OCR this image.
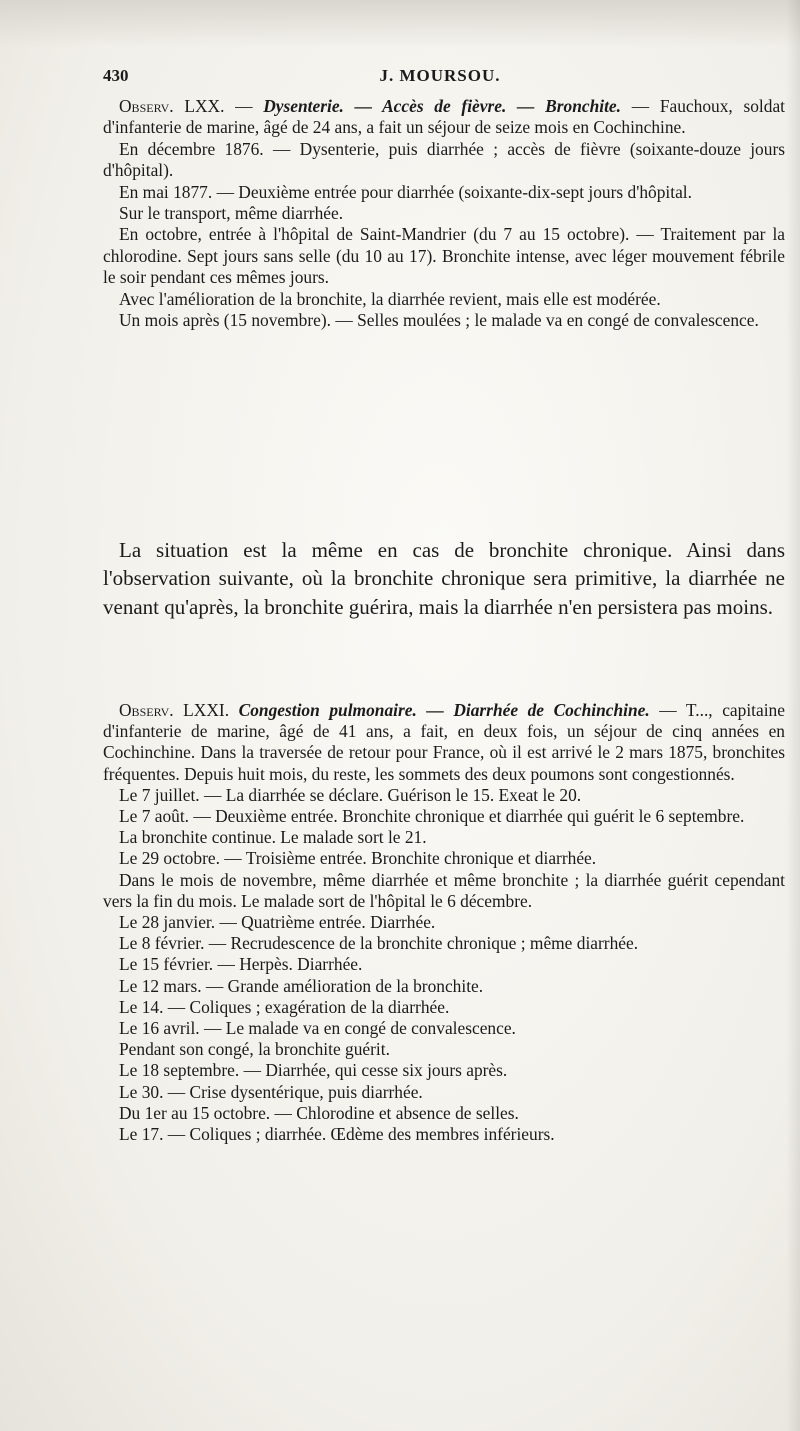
430	J. MOURSOU.

Observ. LXX. — Dysenterie. — Accès de fièvre. — Bronchite. — Fauchoux, soldat d'infanterie de marine, âgé de 24 ans, a fait un séjour de seize mois en Cochinchine.

En décembre 1876. — Dysenterie, puis diarrhée ; accès de fièvre (soixante-douze jours d'hôpital).

En mai 1877. — Deuxième entrée pour diarrhée (soixante-dix-sept jours d'hôpital.

Sur le transport, même diarrhée.

En octobre, entrée à l'hôpital de Saint-Mandrier (du 7 au 15 octobre). — Traitement par la chlorodine. Sept jours sans selle (du 10 au 17). Bronchite intense, avec léger mouvement fébrile le soir pendant ces mêmes jours.

Avec l'amélioration de la bronchite, la diarrhée revient, mais elle est modérée.

Un mois après (15 novembre). — Selles moulées ; le malade va en congé de convalescence.

La situation est la même en cas de bronchite chronique. Ainsi dans l'observation suivante, où la bronchite chronique sera primitive, la diarrhée ne venant qu'après, la bronchite guérira, mais la diarrhée n'en persistera pas moins.

Observ. LXXI. Congestion pulmonaire. — Diarrhée de Cochinchine. — T..., capitaine d'infanterie de marine, âgé de 41 ans, a fait, en deux fois, un séjour de cinq années en Cochinchine. Dans la traversée de retour pour France, où il est arrivé le 2 mars 1875, bronchites fréquentes. Depuis huit mois, du reste, les sommets des deux poumons sont congestionnés.

Le 7 juillet. — La diarrhée se déclare. Guérison le 15. Exeat le 20.

Le 7 août. — Deuxième entrée. Bronchite chronique et diarrhée qui guérit le 6 septembre.

La bronchite continue. Le malade sort le 21.

Le 29 octobre. — Troisième entrée. Bronchite chronique et diarrhée.

Dans le mois de novembre, même diarrhée et même bronchite ; la diarrhée guérit cependant vers la fin du mois. Le malade sort de l'hôpital le 6 décembre.

Le 28 janvier. — Quatrième entrée. Diarrhée.

Le 8 février. — Recrudescence de la bronchite chronique ; même diarrhée.

Le 15 février. — Herpès. Diarrhée.

Le 12 mars. — Grande amélioration de la bronchite.

Le 14. — Coliques ; exagération de la diarrhée.

Le 16 avril. — Le malade va en congé de convalescence.

Pendant son congé, la bronchite guérit.

Le 18 septembre. — Diarrhée, qui cesse six jours après.

Le 30. — Crise dysentérique, puis diarrhée.

Du 1er au 15 octobre. — Chlorodine et absence de selles.

Le 17. — Coliques ; diarrhée. Œdème des membres inférieurs.
